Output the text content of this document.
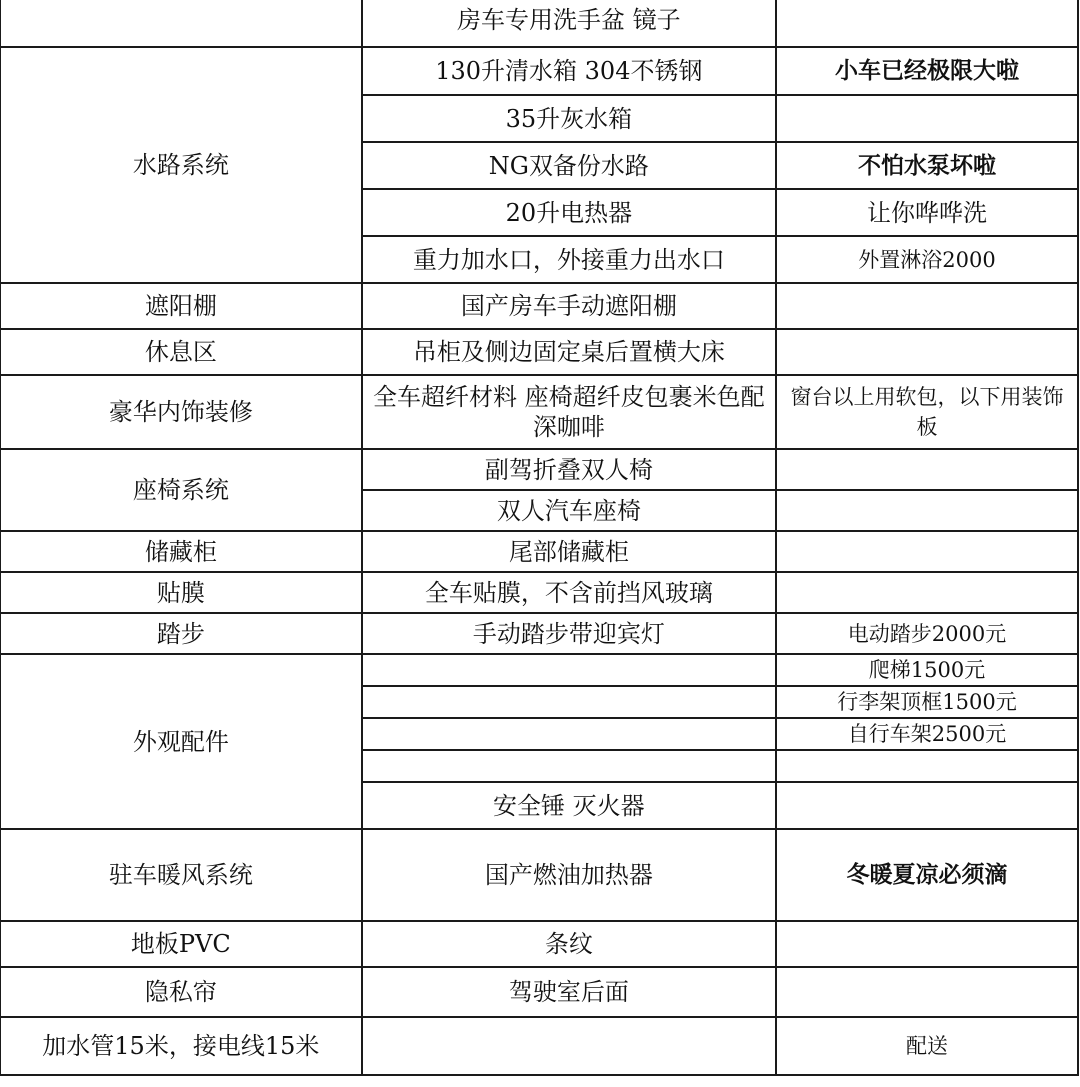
	房车专用洗手盆 镜子	
水路系统	130升清水箱 304不锈钢	小车已经极限大啦
	35升灰水箱	
	NG双备份水路	不怕水泵坏啦
	20升电热器	让你哗哗洗
	重力加水口，外接重力出水口	外置淋浴2000
遮阳棚	国产房车手动遮阳棚	
休息区	吊柜及侧边固定桌后置横大床	
豪华内饰装修	全车超纤材料 座椅超纤皮包裹米色配深咖啡	窗台以上用软包，以下用装饰板
座椅系统	副驾折叠双人椅	
	双人汽车座椅	
储藏柜	尾部储藏柜	
贴膜	全车贴膜，不含前挡风玻璃	
踏步	手动踏步带迎宾灯	电动踏步2000元
外观配件		爬梯1500元
		行李架顶框1500元
		自行车架2500元

	安全锤 灭火器	
驻车暖风系统	国产燃油加热器	冬暖夏凉必须滴
地板PVC	条纹	
隐私帘	驾驶室后面	
加水管15米，接电线15米		配送
